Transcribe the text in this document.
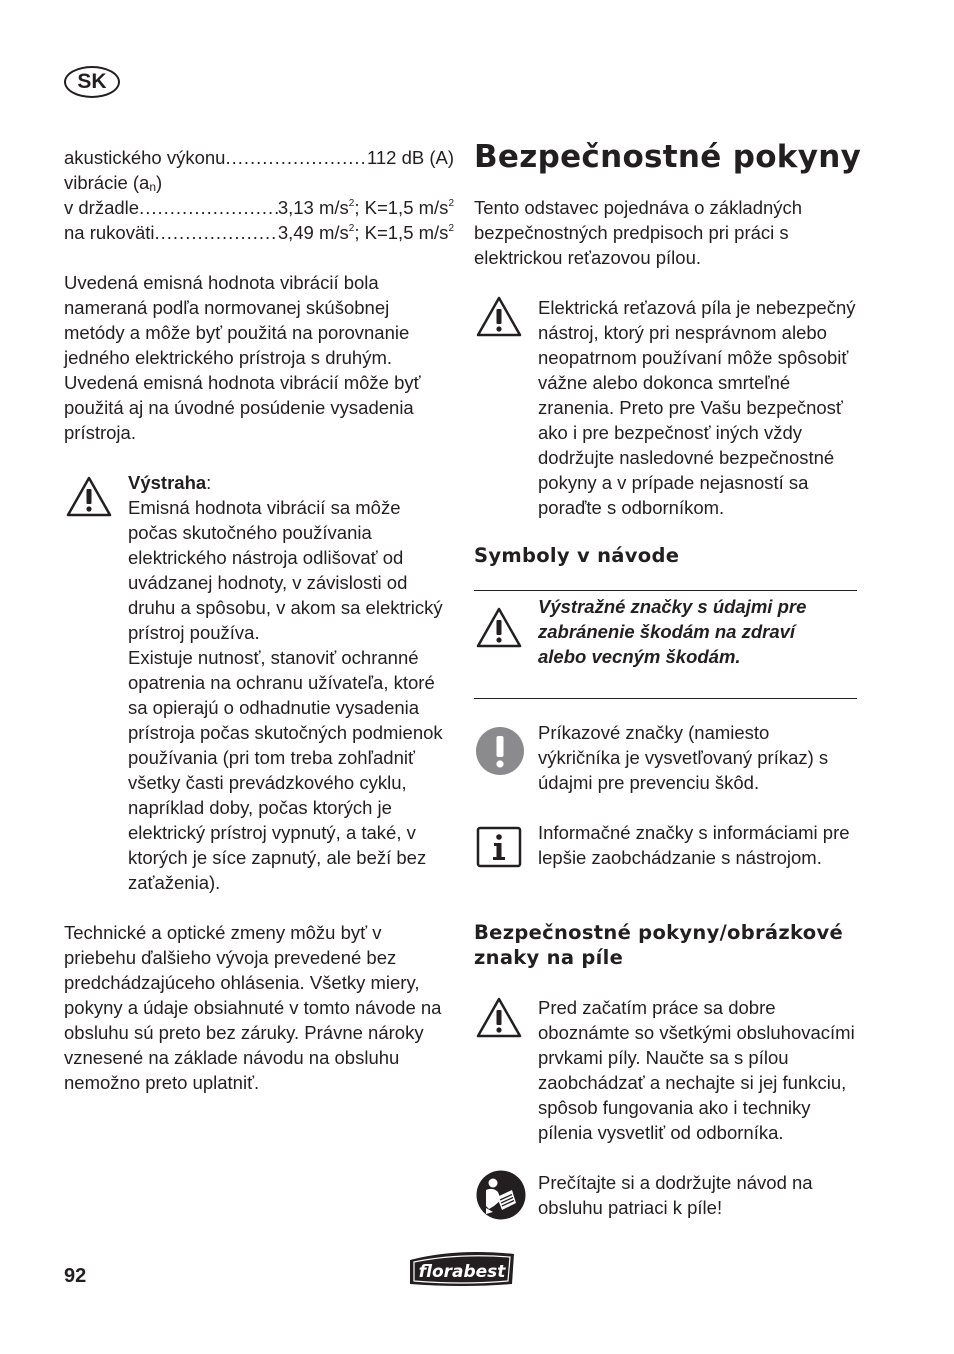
SK
akustického výkonu .....	112 dB (A)
vibrácie $(a_n)$
v držadle .....	3,13 $m/s^2$; K=1,5 $m/s^2$
na rukoväti .....	3,49 $m/s^2$; K=1,5 $m/s^2$

Uvedená emisná hodnota vibrácií bola nameraná podľa normovanej skúšobnej metódy a môže byť použitá na porovnanie jedného elektrického prístroja s druhým. Uvedená emisná hodnota vibrácií môže byť použitá aj na úvodné posúdenie vysadenia prístroja.

Výstraha:

Emisná hodnota vibrácií sa môže počas skutočného používania elektrického nástroja odlišovať od uvádzanej hodnoty, v závislosti od druhu a spôsobu, v akom sa elektrický prístroj používa.

Existuje nutnosť, stanoviť ochranné opatrenia na ochranu užívateľa, ktoré sa opierajú o odhadnutie vysadenia prístroja počas skutočných podmienok používania (pri tom treba zohľadniť všetky časti prevádzkového cyklu, napríklad doby, počas ktorých je elektrický prístroj vypnutý, a také, v ktorých je síce zapnutý, ale beží bez zaťaženia).

Technické a optické zmeny môžu byť v priebehu ďalšieho vývoja prevedené bez predchádzajúceho ohlásenia. Všetky miery, pokyny a údaje obsiahnuté v tomto návode na obsluhu sú preto bez záruky. Právne nároky vznesené na základe návodu na obsluhu nemožno preto uplatniť.

Bezpečnostné pokyny

Tento odstavec pojednáva o základných bezpečnostných predpisoch pri práci s elektrickou reťazovou pílou.

Elektrická reťazová píla je nebezpečný nástroj, ktorý pri nesprávnom alebo neopatrnom používaní môže spôsobiť vážne alebo dokonca smrteľné zranenia. Preto pre Vašu bezpečnosť ako i pre bezpečnosť iných vždy dodržujte nasledovné bezpečnostné pokyny a v prípade nejasností sa poraďte s odborníkom.

Symboly v návode

Výstražné značky s údajmi pre zabránenie škodám na zdraví alebo vecným škodám.

Príkazové značky (namiesto výkričníka je vysvetľovaný príkaz) s údajmi pre prevenciu škôd.

Informačné značky s informáciami pre lepšie zaobchádzanie s nástrojom.

Bezpečnostné pokyny/obrázkové znaky na píle

Pred začatím práce sa dobre oboznámte so všetkými obsluhovacími prvkami píly. Naučte sa s pílou zaobchádzať a nechajte si jej funkciu, spôsob fungovania ako i techniky pílenia vysvetliť od odborníka.

Prečítajte si a dodržujte návod na obsluhu patriaci k píle!

92	florabest
